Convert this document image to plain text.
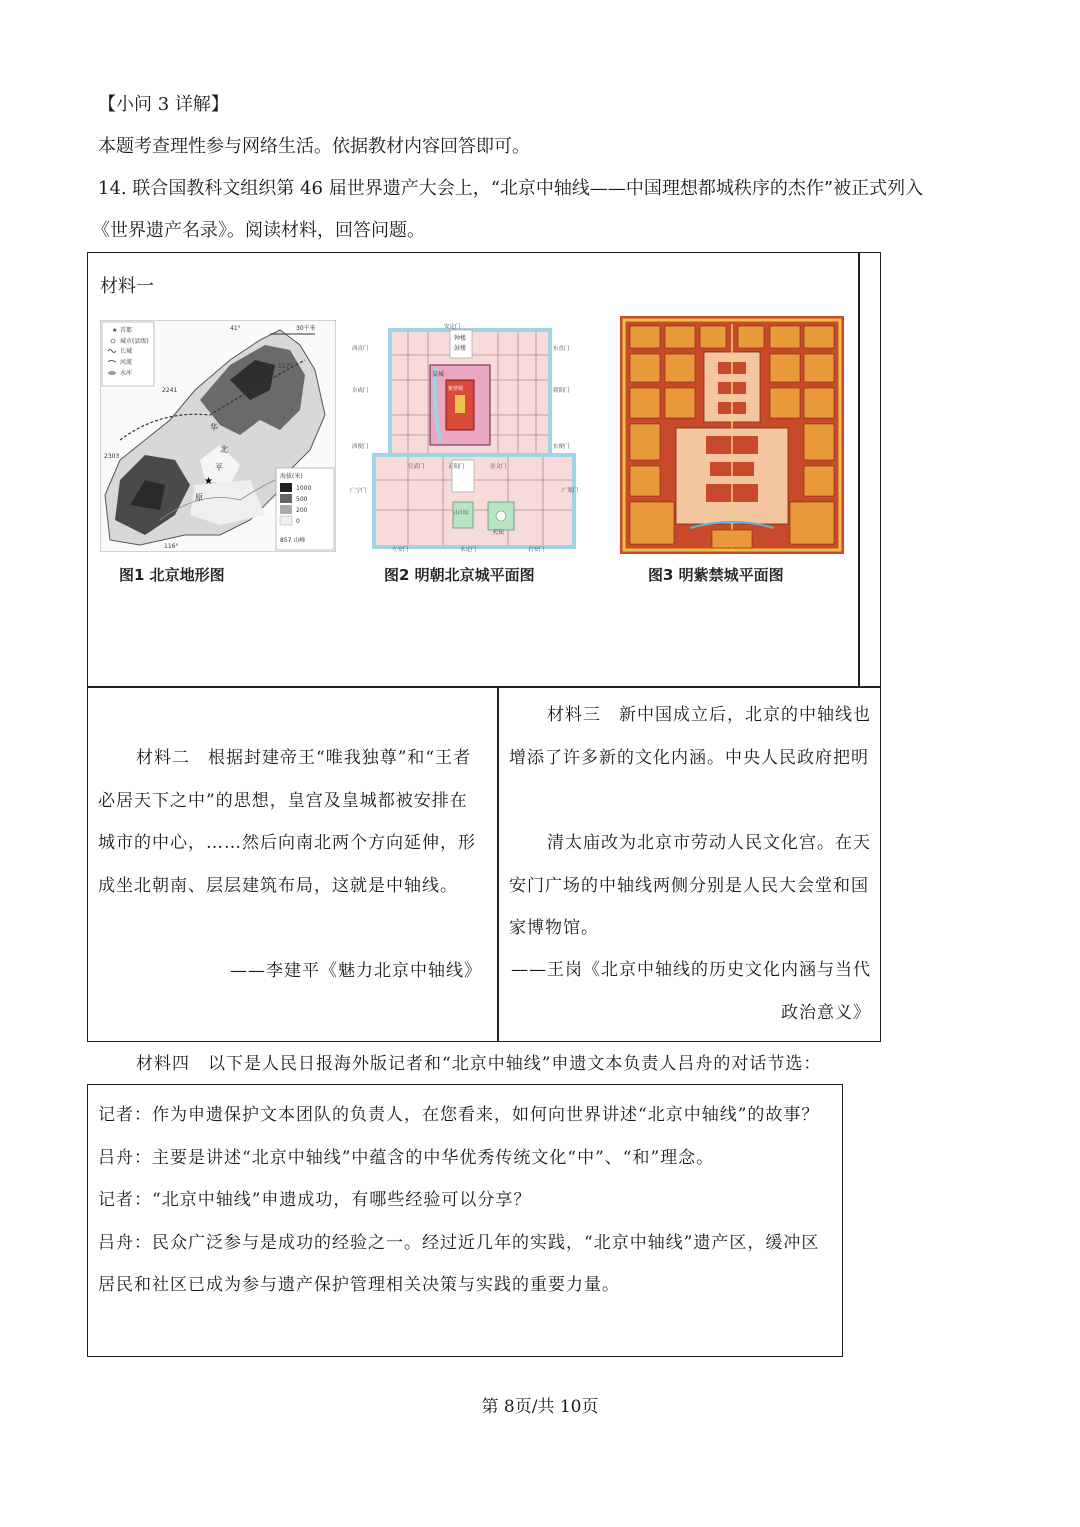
【小问 3 详解】
本题考查理性参与网络生活。依据教材内容回答即可。
14. 联合国教科文组织第 46 届世界遗产大会上，“北京中轴线——中国理想都城秩序的杰作”被正式列入
《世界遗产名录》。阅读材料，回答问题。
材料一
★ 首都
城市(县级)
长城
河流
水库
30千米
41°
117°
2241
2303
116°
华
北
平
原
★	海拔(米)
1000
500
200
0
857 山峰
图1 北京地形图
钟楼
鼓楼
皇城
紫禁城
天坛
山川坛
西直门
安定门
东直门
阜成门	朝阳门
西便门	东便门
广宁门	广渠门
宣武门	正阳门	崇文门
左安门	永定门	右安门
图2 明朝北京城平面图	图3 明紫禁城平面图
材料二　根据封建帝王“唯我独尊”和“王者必居天下之中”的思想，皇宫及皇城都被安排在城市的中心，……然后向南北两个方向延伸，形成坐北朝南、层层建筑布局，这就是中轴线。
——李建平《魅力北京中轴线》
材料三　新中国成立后，北京的中轴线也增添了许多新的文化内涵。中央人民政府把明
清太庙改为北京市劳动人民文化宫。在天安门广场的中轴线两侧分别是人民大会堂和国家博物馆。
——王岗《北京中轴线的历史文化内涵与当代政治意义》
材料四　以下是人民日报海外版记者和“北京中轴线”申遗文本负责人吕舟的对话节选：
记者：作为申遗保护文本团队的负责人，在您看来，如何向世界讲述“北京中轴线”的故事？
吕舟：主要是讲述“北京中轴线”中蕴含的中华优秀传统文化“中”、“和”理念。
记者：“北京中轴线”申遗成功，有哪些经验可以分享？
吕舟：民众广泛参与是成功的经验之一。经过近几年的实践，“北京中轴线”遗产区，缓冲区居民和社区已成为参与遗产保护管理相关决策与实践的重要力量。
第 8页/共 10页
